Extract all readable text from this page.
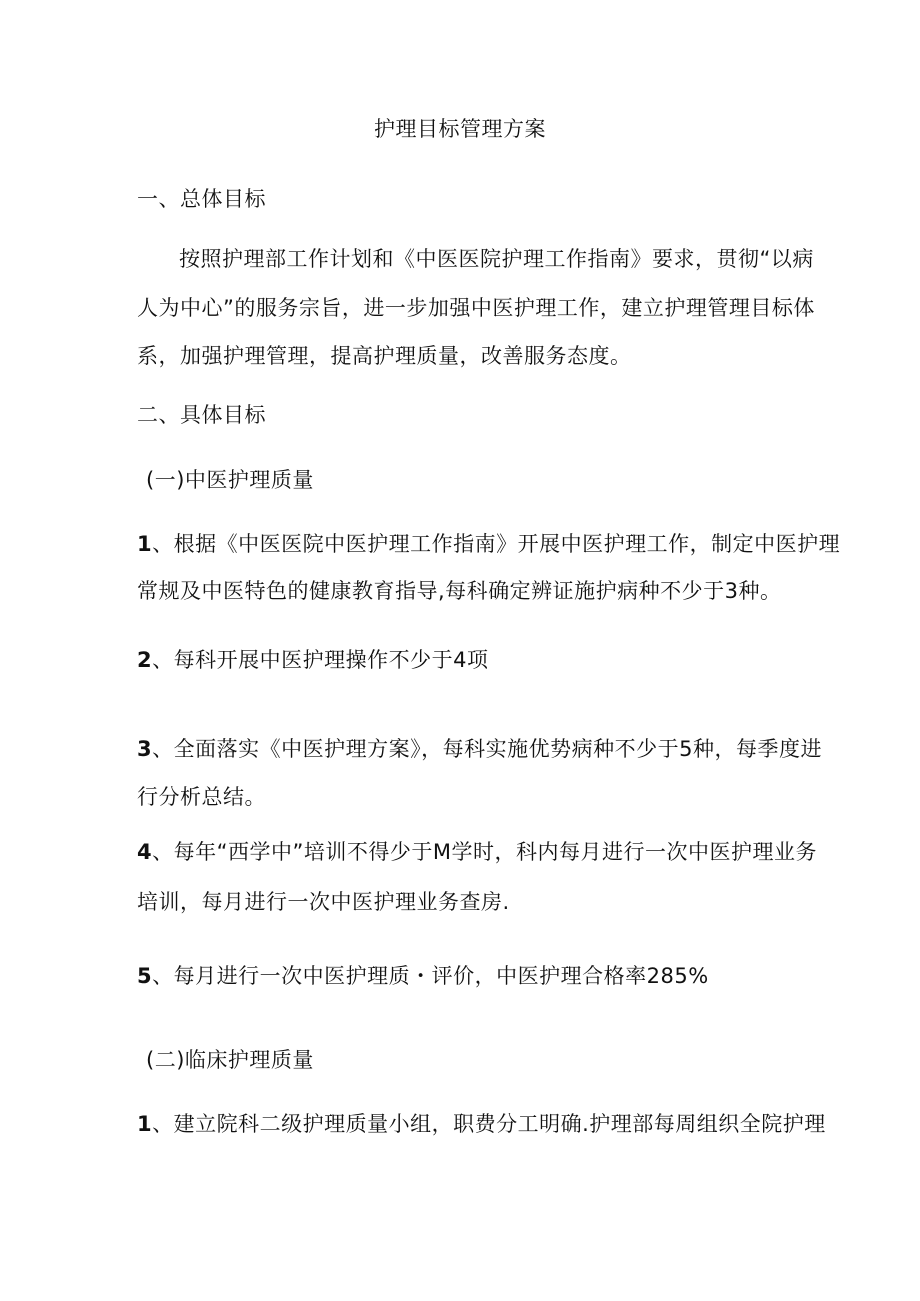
护理目标管理方案
一、总体目标
按照护理部工作计划和《中医医院护理工作指南》要求，贯彻“以病
人为中心”的服务宗旨，进一步加强中医护理工作，建立护理管理目标体
系，加强护理管理，提高护理质量，改善服务态度。
二、具体目标
(一)中医护理质量
1、根据《中医医院中医护理工作指南》开展中医护理工作，制定中医护理
常规及中医特色的健康教育指导,每科确定辨证施护病种不少于3种。
2、每科开展中医护理操作不少于4项
3、全面落实《中医护理方案》，每科实施优势病种不少于5种，每季度进
行分析总结。
4、每年“西学中”培训不得少于M学时，科内每月进行一次中医护理业务
培训，每月进行一次中医护理业务查房.
5、每月进行一次中医护理质・评价，中医护理合格率285%
(二)临床护理质量
1、建立院科二级护理质量小组，职费分工明确.护理部每周组织全院护理
